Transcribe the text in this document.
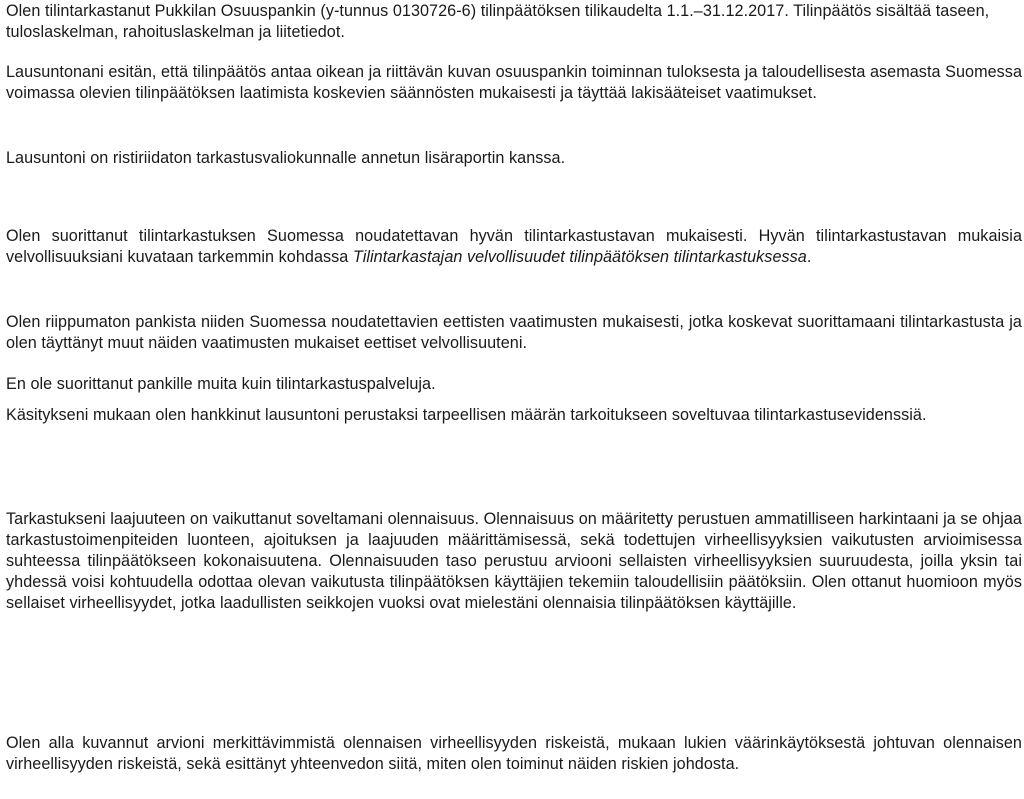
Olen tilintarkastanut Pukkilan Osuuspankin (y-tunnus 0130726-6) tilinpäätöksen tilikaudelta 1.1.–31.12.2017. Tilinpäätös sisältää taseen, tuloslaskelman, rahoituslaskelman ja liitetiedot.

Lausuntonani esitän, että tilinpäätös antaa oikean ja riittävän kuvan osuuspankin toiminnan tuloksesta ja taloudellisesta asemasta Suomessa voimassa olevien tilinpäätöksen laatimista koskevien säännösten mukaisesti ja täyttää lakisääteiset vaatimukset.

Lausuntoni on ristiriidaton tarkastusvaliokunnalle annetun lisäraportin kanssa.

Olen suorittanut tilintarkastuksen Suomessa noudatettavan hyvän tilintarkastustavan mukaisesti. Hyvän tilintarkastustavan mukaisia velvollisuuksiani kuvataan tarkemmin kohdassa Tilintarkastajan velvollisuudet tilinpäätöksen tilintarkastuksessa.

Olen riippumaton pankista niiden Suomessa noudatettavien eettisten vaatimusten mukaisesti, jotka koskevat suorittamaani tilintarkastusta ja olen täyttänyt muut näiden vaatimusten mukaiset eettiset velvollisuuteni.

En ole suorittanut pankille muita kuin tilintarkastuspalveluja.

Käsitykseni mukaan olen hankkinut lausuntoni perustaksi tarpeellisen määrän tarkoitukseen soveltuvaa tilintarkastusevidenssiä.

Tarkastukseni laajuuteen on vaikuttanut soveltamani olennaisuus. Olennaisuus on määritetty perustuen ammatilliseen harkintaani ja se ohjaa tarkastustoimenpiteiden luonteen, ajoituksen ja laajuuden määrittämisessä, sekä todettujen virheellisyyksien vaikutusten arvioimisessa suhteessa tilinpäätökseen kokonaisuutena. Olennaisuuden taso perustuu arviooni sellaisten virheellisyyksien suuruudesta, joilla yksin tai yhdessä voisi kohtuudella odottaa olevan vaikutusta tilinpäätöksen käyttäjien tekemiin taloudellisiin päätöksiin. Olen ottanut huomioon myös sellaiset virheellisyydet, jotka laadullisten seikkojen vuoksi ovat mielestäni olennaisia tilinpäätöksen käyttäjille.

Olen alla kuvannut arvioni merkittävimmistä olennaisen virheellisyyden riskeistä, mukaan lukien väärinkäytöksestä johtuvan olennaisen virheellisyyden riskeistä, sekä esittänyt yhteenvedon siitä, miten olen toiminut näiden riskien johdosta.
